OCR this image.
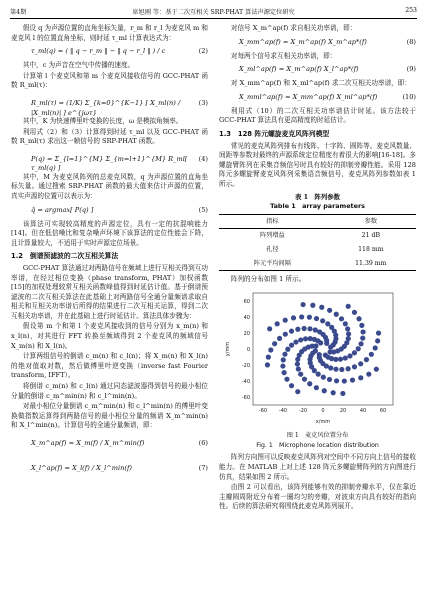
第4期	席旭刚 等：基于二次互相关 SRP-PHAT 算法声源定位研究	253

假设 q 为声源位置的直角坐标矢量，r_m 和 r_l 为麦克风 m 和麦克风 l 的位置直角坐标，则时延 τ_ml 计算表达式为：

τ_ml(q) = ( ‖ q − r_m ‖ − ‖ q − r_l ‖ ) / c	(2)

其中，c 为声音在空气中传播的速度。

计算第 l 个麦克风和第 m 个麦克风接收信号的 GCC-PHAT 函数 R_ml(τ)：

R_ml(τ) = (1/K) Σ_{k=0}^{K−1} [ X_ml(n) / |X_ml(n)| ] e^{jωτ}
(3)

其中，K 为快速傅里叶变换的长度，ω 是模拟角频率。

利用式（2）和（3）计算得到时延 τ_ml 以及 GCC-PHAT 函数 R_ml(τ) 求出这一帧信号的 SRP-PHAT 函数。

P(q) = Σ_{l=1}^{M} Σ_{m=l+1}^{M} R_ml[ τ_ml(q) ]
(4)

其中，M 为麦克风阵列的总麦克风数，q 为声源位置的直角坐标矢量。通过搜索 SRP-PHAT 函数的最大值来估计声源的位置，真实声源的位置可以表示为：

q̂ = argmax[ P(q) ]	(5)

该算法可实现较高精度的声源定位，具有一定的抗混响能力[14]。但在低信噪比和复杂噪声环境下该算法的定位性能会下降，且计算量较大，不适用于实时声源定位场景。

1.2　倒谱预滤波的二次互相关算法

GCC-PHAT 算法通过对两路信号在频域上进行互相关得到互功率谱，在经过相位变换（phase transform, PHAT）加权函数[15]的加权处理较常互相关函数峰值得到时延估计值。基于倒谱预滤波的二次互相关算法在此基础上对两路信号全通分量频谱求取自相关和互相关功率谱后所得的结果进行二次互相关运算，得到二次互相关功率谱，并在此基础上进行时延估计。算法具体步骤为：

假设第 m 个和第 l 个麦克风接收到的信号分别为 x_m(n) 和 x_l(n)，对其进行 FFT 转换至频域得到 2 个麦克风的频域信号 X_m(n) 和 X_l(n)。

计算两组信号的倒谱 c_m(n) 和 c_l(n)；将 X_m(n) 和 X_l(n) 的绝对值取对数，然后做傅里叶逆变换（inverse fast Fourier transform, IFFT）。

将倒谱 c_m(n) 和 c_l(n) 通过同态滤波器得到信号的最小相位分量的倒谱 c_m^min(n) 和 c_l^min(n)。

对最小相位分量倒谱 c_m^min(n) 和 c_l^min(n) 的傅里叶变换做指数运算得到两路信号的最小相位分量的频谱 X_m^min(n) 和 X_l^min(n)。计算信号的全通分量频谱，即：

X_m^ap(f) = X_m(f) / X_m^min(f)	(6)
X_l^ap(f) = X_l(f) / X_l^min(f)	(7)

对信号 X_m^ap(f) 求自相关功率谱，即：

X_mm^ap(f) = X_m^ap(f) X_m^ap*(f)	(8)

对每两个信号求互相关功率谱，即：

X_ml^ap(f) = X_m^ap(f) X_l^ap*(f)	(9)

对 X_mm^ap(f) 和 X_ml^ap(f) 求二次互相关功率谱，即：

X_mml^ap(f) = X_mm^ap(f) X_ml^ap*(f)	(10)

利用式（10）的二次互相关功率谱估计时延。该方法较于 GCC-PHAT 算法具有更高精度的时延估计。

1.3　128 阵元螺旋麦克风阵列模型

常见的麦克风阵列排布有线阵、十字阵、圆阵等。麦克风数量、间距等参数对最终的声源系统定位精度有着很大的影响[16-18]。多螺旋臂阵列在采集音频信号时具有较好的抑制旁瓣性能。采用 128 阵元多螺旋臂麦克风阵列采集语音频信号，麦克风阵列参数如表 1 所示。

表 1　阵列参数
Table 1　array parameters
指标	参数
阵列增益	21 dB
孔径	118 mm
阵元平均间隔	11.39 mm

阵列的分布如图 1 所示。

-60 -40 -20	0	20	40	60
-60
-40
-20
0
20
40
60
x/mm
y/mm
图 1　麦克风位置分布
Fig. 1　Microphone location distribution

阵列方向图可以反映麦克风阵列对空间中不同方向上信号的接收能力。在 MATLAB 上对上述 128 阵元多螺旋臂阵列的方向图进行仿真，结果如图 2 所示。

由图 2 可以看出，该阵列能够有效的抑制旁瓣水平，仅在靠近主瓣圆周附近分布着一圈均匀的旁瓣，对波束方向具有较好的指向性。后续的算法研究将围绕此麦克风阵列展开。
